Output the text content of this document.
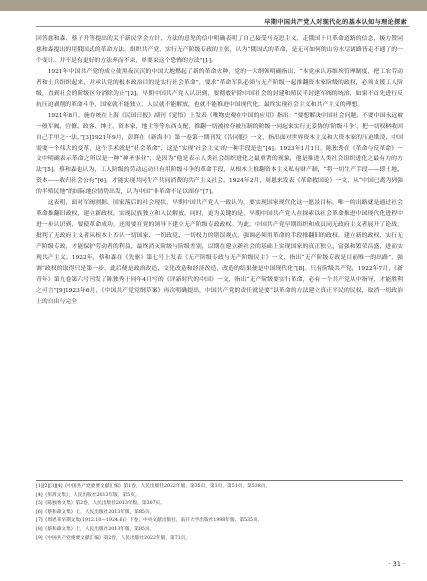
早期中国共产党人对现代化的基本认知与理论探索

回答慈和森、蔡子升等提出的关于新民学会方针、方法的意见的信中明确表明了自己接受马克思主义，走俄国十月革命道路的信念，极力赞同慈和森提出的用俄国式的革命方法，组织共产党，实行无产阶级专政的主张，认为“俄国式的革命，是无可如何的山穷水尽诸路皆走不通了的一个变计。并不是有更好的方法弃而不采，单要采这个恐怖的方法”[1]。

1921年中国共产党的成立使黑夜沉沉的中国大地燃起了新的革命火种，党的一大纲领明确指出，“本党承认苏维埃管理制度，把工农劳动者和士兵组织起来，并承认党的根本政治目的是实行社会革命”，要求“革命军队必须与无产阶级一起推翻资本家阶级的政权，必须支援工人阶级，直到社会的阶级区分消除为止”[2]。早期中国共产党人认识到，要彻底铲除中国社会的封建和殖民半封建军阀的统治，如果不首先进行反抗压迫剥削的革命斗争，国家就不能独立，人民就不能解放，也就不能推进中国现代化，最终实现社会主义和共产主义的理想。

1921年8月，施存统在上海《民国日报》副刊《觉悟》上发表《唯物史观在中国的应用》指出：“要想解决中国社会问题，不要中国永远被一般军阀、官僚、政客、绅士、资本家，地主等等东西支配，推翻一切被掠夺被压制的阶级一同起来实行无妥协的‘阶级斗争’，把一切权柄收回自己手里之一法。”[3]1921年9月，彭湃在《新海丰》第一卷第一期刊发《告同胞》一文，指出面对世界资本主义和大资本家的压迫欺凌，中国需要一个伟大的变革，这个手术就是“社会革命”，这是“实现‘社会主义’的一种手段是也”[4]。1923年1月1日，陈独秀在《革命与反革命》一文中明确表示革命之所以是一种“神圣事业”，是因为“他是表示人类社会组织进化之最重著的现象，他是推进人类社会组织进化之最有力的方法”[5]。蔡和森也认为，工人阶级的劳动运动只有用阶级斗争的革命手段，从根本上推翻资本主义私有财产制，“将一切生产手段——即土地、资本——收归社会公有”[6]，才能实现共同生产共同消费的共产主义社会。1924年2月，周恩来发表《革命救国论》一文，从“中国已离为列强的半殖民地”的国际地位情势出发，认为中国“非革命不足以图存”[7]。

这表明，面对军阀割据、国家落后的社会现状，早期中国共产党人一致认为，要实现国家现代化这一愿景目标，唯一的出路就是通过社会革命推翻旧政权，建立新政权，实现民族独立和人民解放。同时，更为关键的是，早期中国共产党人在探索以社会革命推进中国现代化进程中进一步认识到，要使革命成功，还需要在党的领导下建立无产阶级专政政权。为此，中国共产党早期组织和成员同无政府主义者展开了论战，批判了无政府主义者从根本上否认一切国家、一切政党、一切权力的错误观点，强调必须用革命的手段推翻旧的政权，建立新的政权，实行无产阶级专政，才能保护劳动者的利益，最终消灭阶级与阶级差别，以期在建立新社会的基础上实现国家的真正独立、富强和繁荣昌盛，进而实现共产主义。1922年，蔡和森在《先驱》第七号上发表《无产阶级专政与无产阶级民主》一文，指出“无产阶级专政是目前唯一的出路”，强调“政权的取得只是第一步，此后便是政治改造、文化改造和经济改造，改造的结果便是中国现代化”[8]。只有阶级共产党，1922年7月，《新青年》第九卷第六号刊发了陈独秀于同年4月写的《评新时代的中国》一文，指出“无产阶级要实行革命，必有一个共产党从中指导，才能胜利之可言”[9]1923年6月，《中国共产党党纲草案》再次明确提出，中国共产党的责任就是要“以革命的方法建立真正平民的民权，取消一切政治上的自由与完全

[1][2][3][4]《中国共产党重要文献汇编》第1卷，人民出版社2022年版，第35页，第1页，第51页，第538页。
[4]《彭湃文集》，人民出版社2013年版，第5页。
[5]《陈独秀文集》第2卷，人民出版社2013年版，第307页。
[6]《蔡和森文集》上，人民出版社2013年版，第85页。
[7]《周恩来早期文集(1912.10—1924.6)》下卷，中央文献出版社，南开大学出版社1998年版，第535页。
[8]《蔡和森文集》上，人民出版社2013年版，第85页。
[9]《中国共产党重要文献汇编》第2卷，人民出版社2022年版，第71页。
· 31 ·
